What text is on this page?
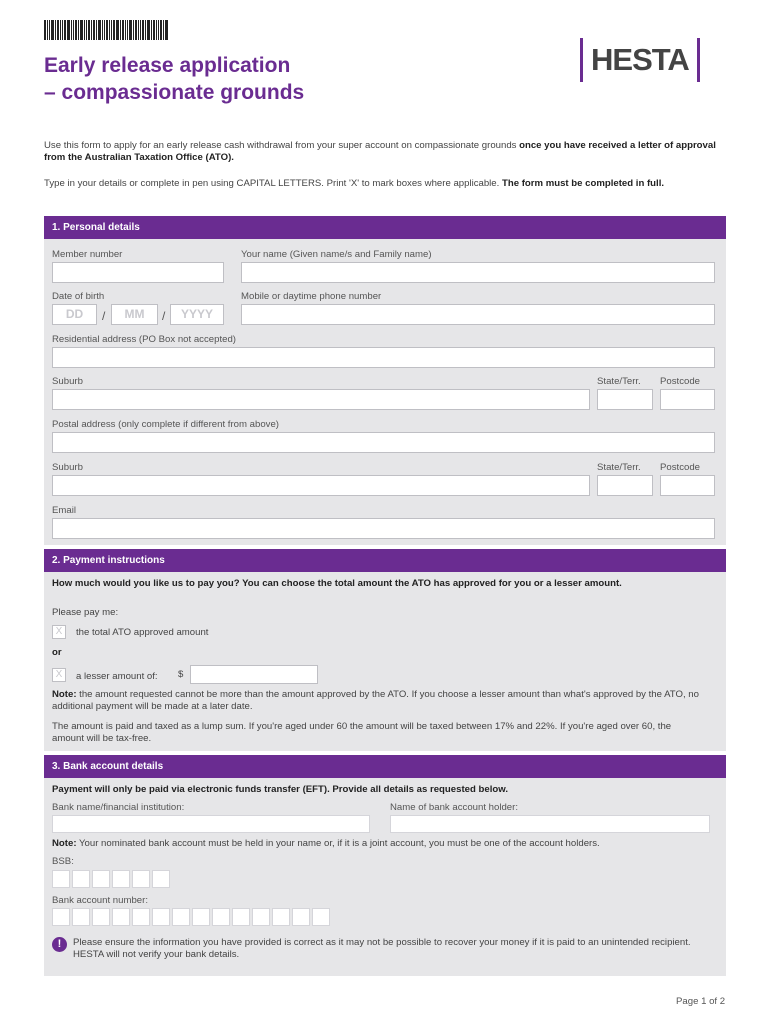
Early release application
– compassionate grounds
HESTA
Use this form to apply for an early release cash withdrawal from your super account on compassionate grounds once you have received a letter of approval from the Australian Taxation Office (ATO).
Type in your details or complete in pen using CAPITAL LETTERS. Print 'X' to mark boxes where applicable. The form must be completed in full.
1. Personal details
Member number	Your name (Given name/s and Family name)
Date of birth
DD	/	MM	/	YYYY
Mobile or daytime phone number
Residential address (PO Box not accepted)
Suburb	State/Terr. Postcode
Postal address (only complete if different from above)
Suburb	State/Terr. Postcode
Email
2. Payment instructions
How much would you like us to pay you? You can choose the total amount the ATO has approved for you or a lesser amount.
Please pay me:
X	the total ATO approved amount
or
X	a lesser amount of: $
Note: the amount requested cannot be more than the amount approved by the ATO. If you choose a lesser amount than what's approved by the ATO, no additional payment will be made at a later date.
The amount is paid and taxed as a lump sum. If you're aged under 60 the amount will be taxed between 17% and 22%. If you're aged over 60, the amount will be tax-free.
3. Bank account details
Payment will only be paid via electronic funds transfer (EFT). Provide all details as requested below.
Bank name/financial institution:	Name of bank account holder:
Note: Your nominated bank account must be held in your name or, if it is a joint account, you must be one of the account holders.
BSB:
Bank account number:
!	Please ensure the information you have provided is correct as it may not be possible to recover your money if it is paid to an unintended recipient. HESTA will not verify your bank details.
Page 1 of 2
